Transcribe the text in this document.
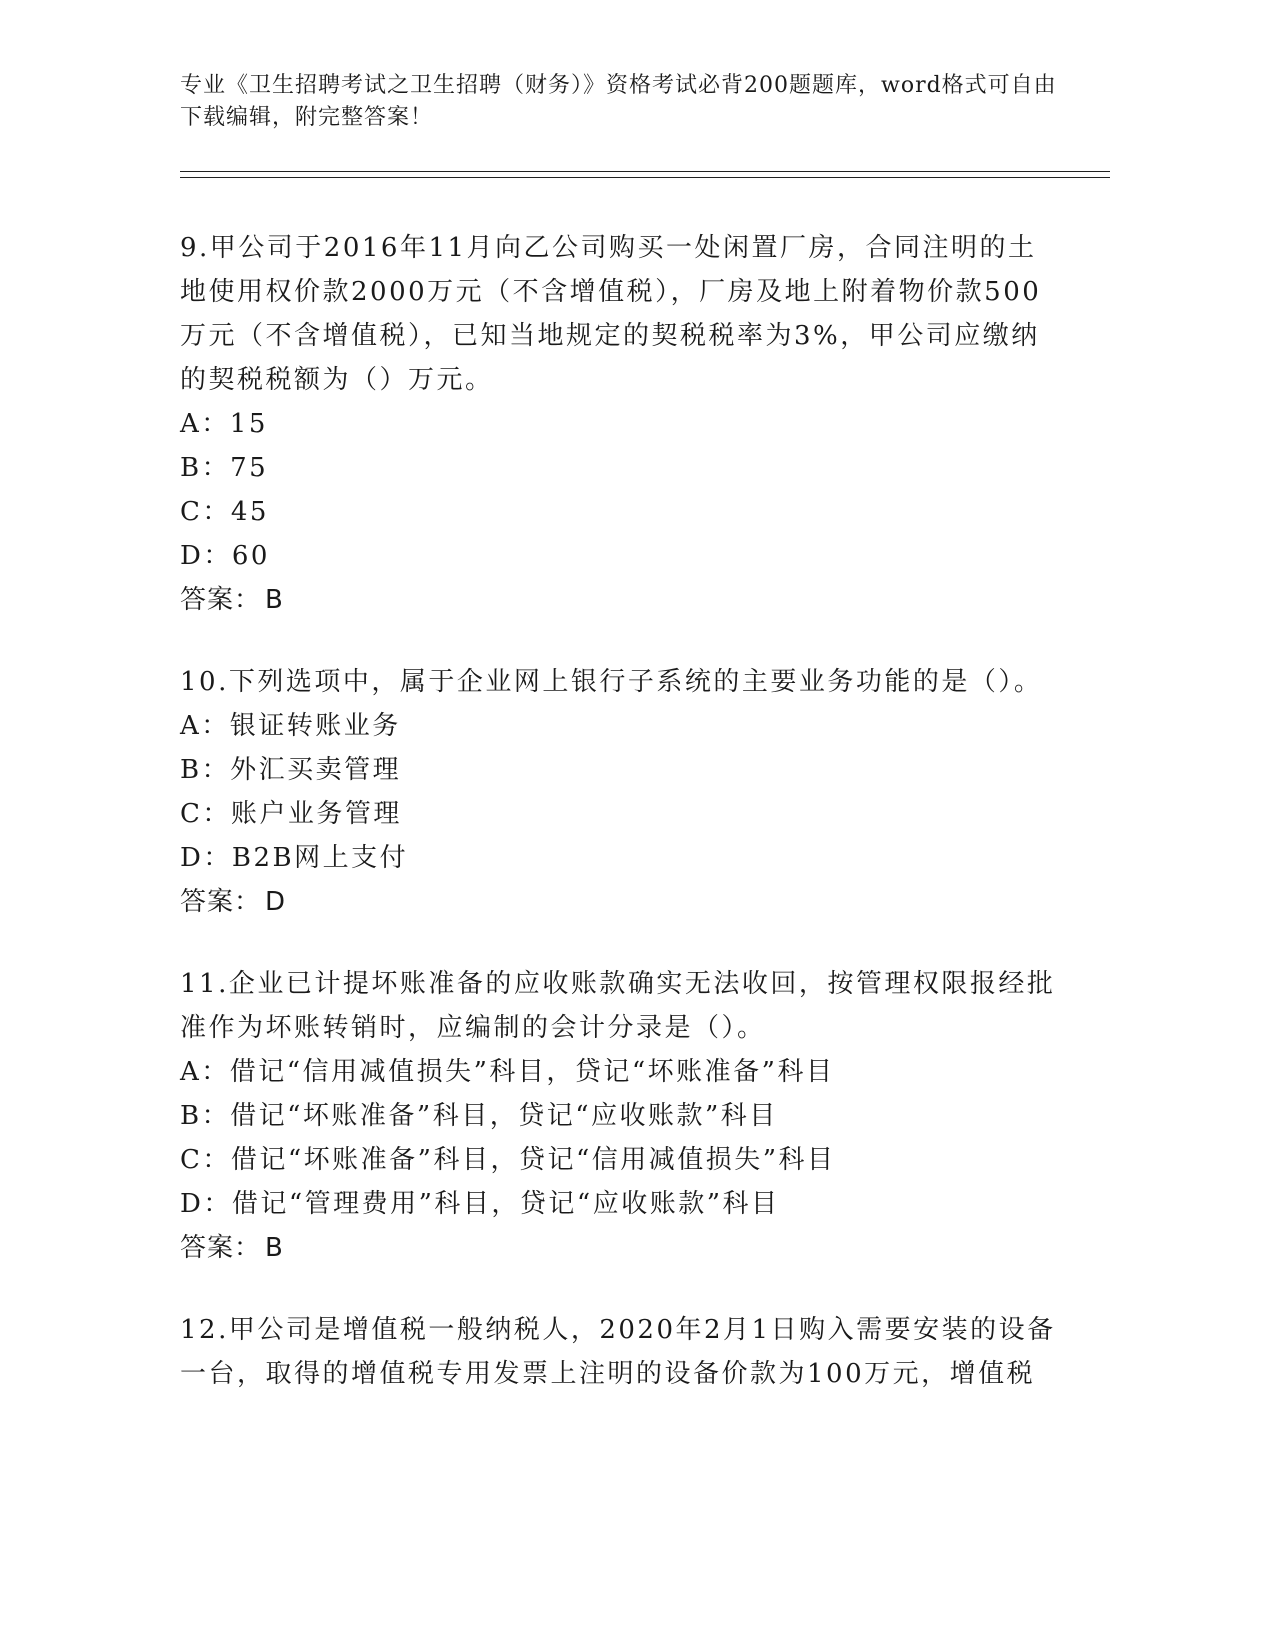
专业《卫生招聘考试之卫生招聘（财务）》资格考试必背200题题库，word格式可自由下载编辑，附完整答案！

9.甲公司于2016年11月向乙公司购买一处闲置厂房，合同注明的土地使用权价款2000万元（不含增值税），厂房及地上附着物价款500万元（不含增值税），已知当地规定的契税税率为3%，甲公司应缴纳的契税税额为（）万元。

A：15

B：75

C：45

D：60

答案： B

10.下列选项中，属于企业网上银行子系统的主要业务功能的是（）。

A：银证转账业务

B：外汇买卖管理

C：账户业务管理

D：B2B网上支付

答案： D

11.企业已计提坏账准备的应收账款确实无法收回，按管理权限报经批准作为坏账转销时，应编制的会计分录是（）。

A：借记“信用减值损失”科目，贷记“坏账准备”科目

B：借记“坏账准备”科目，贷记“应收账款”科目

C：借记“坏账准备”科目，贷记“信用减值损失”科目

D：借记“管理费用”科目，贷记“应收账款”科目

答案： B

12.甲公司是增值税一般纳税人，2020年2月1日购入需要安装的设备一台，取得的增值税专用发票上注明的设备价款为100万元，增值税
